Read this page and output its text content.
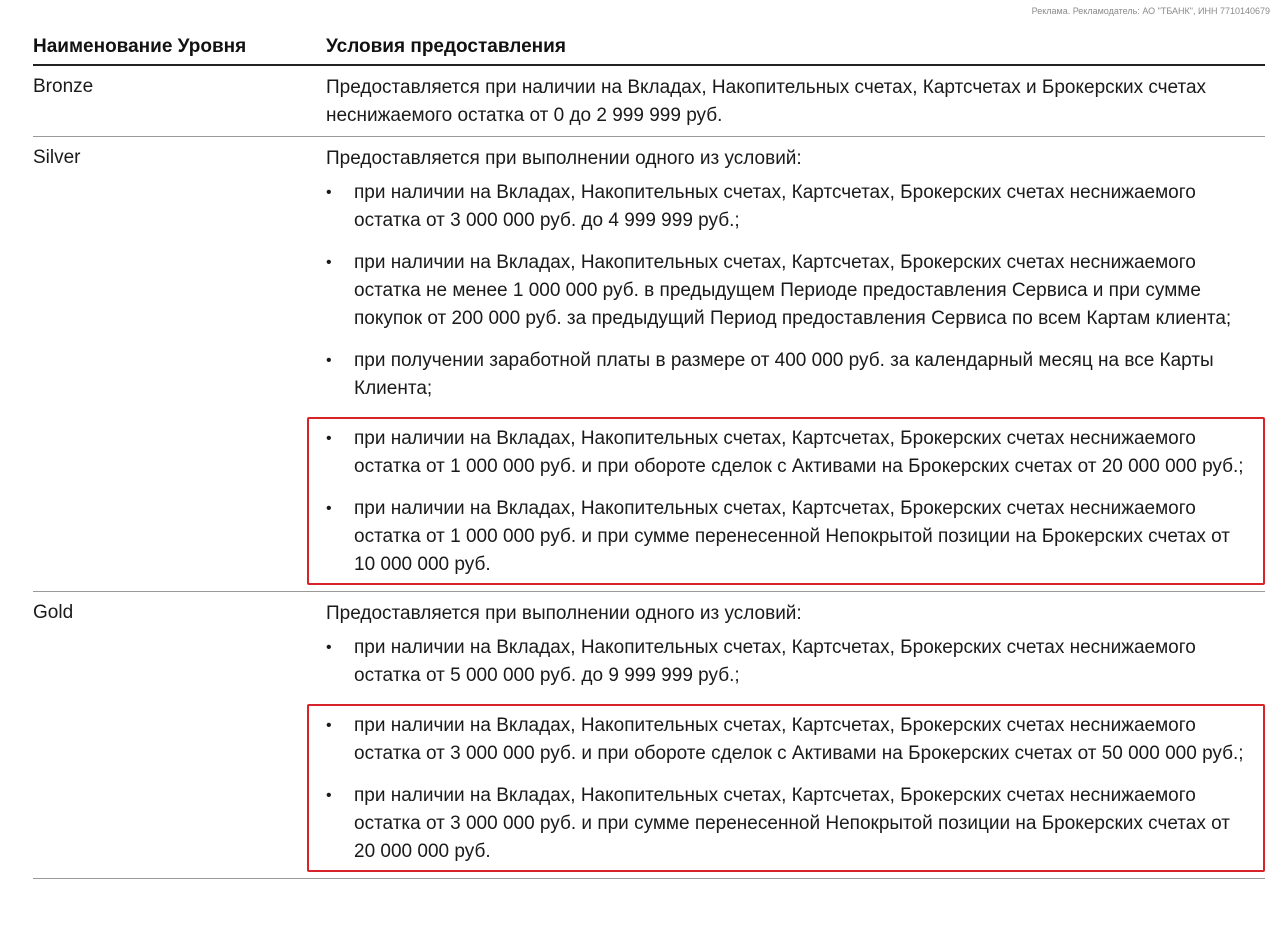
Реклама. Рекламодатель: АО "ТБАНК", ИНН 7710140679
Наименование Уровня	Условия предоставления
Bronze	Предоставляется при наличии на Вкладах, Накопительных счетах, Картсчетах и Брокерских счетах неснижаемого остатка от 0 до 2 999 999 руб.
Silver	Предоставляется при выполнении одного из условий:
• при наличии на Вкладах, Накопительных счетах, Картсчетах, Брокерских счетах неснижаемого остатка от 3 000 000 руб. до 4 999 999 руб.;
• при наличии на Вкладах, Накопительных счетах, Картсчетах, Брокерских счетах неснижаемого остатка не менее 1 000 000 руб. в предыдущем Периоде предоставления Сервиса и при сумме покупок от 200 000 руб. за предыдущий Период предоставления Сервиса по всем Картам клиента;
• при получении заработной платы в размере от 400 000 руб. за календарный месяц на все Карты Клиента;
• при наличии на Вкладах, Накопительных счетах, Картсчетах, Брокерских счетах неснижаемого остатка от 1 000 000 руб. и при обороте сделок с Активами на Брокерских счетах от 20 000 000 руб.;
• при наличии на Вкладах, Накопительных счетах, Картсчетах, Брокерских счетах неснижаемого остатка от 1 000 000 руб. и при сумме перенесенной Непокрытой позиции на Брокерских счетах от 10 000 000 руб.
Gold	Предоставляется при выполнении одного из условий:
• при наличии на Вкладах, Накопительных счетах, Картсчетах, Брокерских счетах неснижаемого остатка от 5 000 000 руб. до 9 999 999 руб.;
• при наличии на Вкладах, Накопительных счетах, Картсчетах, Брокерских счетах неснижаемого остатка от 3 000 000 руб. и при обороте сделок с Активами на Брокерских счетах от 50 000 000 руб.;
• при наличии на Вкладах, Накопительных счетах, Картсчетах, Брокерских счетах неснижаемого остатка от 3 000 000 руб. и при сумме перенесенной Непокрытой позиции на Брокерских счетах от 20 000 000 руб.
